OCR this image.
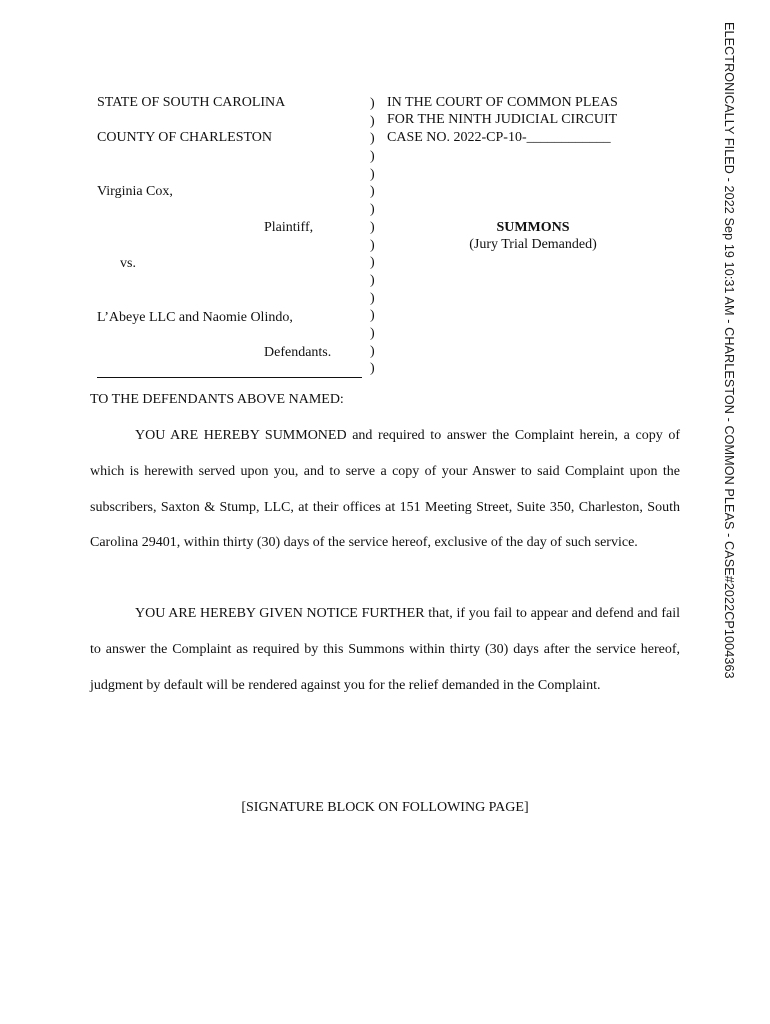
ELECTRONICALLY FILED - 2022 Sep 19 10:31 AM - CHARLESTON - COMMON PLEAS - CASE#2022CP1004363
STATE OF SOUTH CAROLINA
COUNTY OF CHARLESTON
Virginia Cox,
Plaintiff,
vs.
L’Abeye LLC and Naomie Olindo,
Defendants.
)
)
)
)
)
)
)
)
)
)
)
)
)
)
)
)
IN THE COURT OF COMMON PLEAS
FOR THE NINTH JUDICIAL CIRCUIT
CASE NO. 2022-CP-10-____________
SUMMONS
(Jury Trial Demanded)
TO THE DEFENDANTS ABOVE NAMED:
YOU ARE HEREBY SUMMONED and required to answer the Complaint herein, a copy of which is herewith served upon you, and to serve a copy of your Answer to said Complaint upon the subscribers, Saxton & Stump, LLC, at their offices at 151 Meeting Street, Suite 350, Charleston, South Carolina 29401, within thirty (30) days of the service hereof, exclusive of the day of such service.
YOU ARE HEREBY GIVEN NOTICE FURTHER that, if you fail to appear and defend and fail to answer the Complaint as required by this Summons within thirty (30) days after the service hereof, judgment by default will be rendered against you for the relief demanded in the Complaint.
[SIGNATURE BLOCK ON FOLLOWING PAGE]
